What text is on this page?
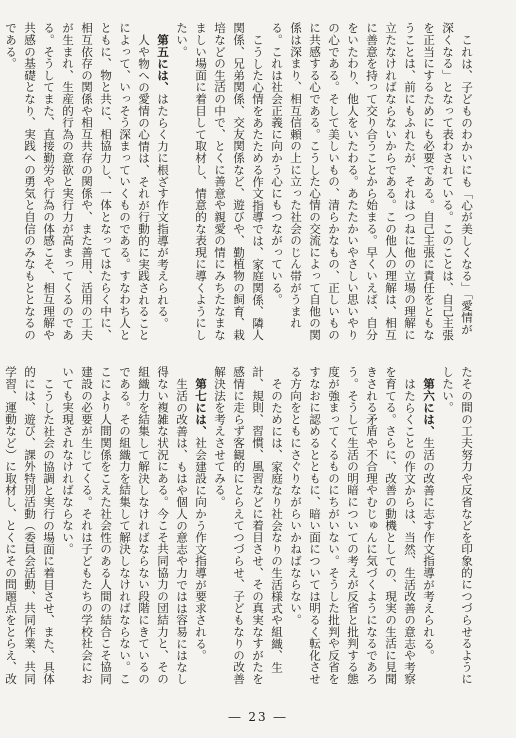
これは、子どものわかいにも「心が美しくなる」「愛情が深くなる」となって表わされている。このことは、自己主張を正当にするためにも必要である。自己主張に責任をともなうことは、前にもふれたが、それはつねに他の立場の理解に立たなければならないからである。この他人の理解は、相互に善意を持って交り合うことから始まる。早くいえば、自分をいたわり、他人をいたわる。あたたかいやさしい思いやりの心である。そして美しいもの、清らかなもの、正しいものに共感する心である。こうした心情の交流によって自他の関係は深まり、相互信頼の上に立った社会のじん帯がうまれる。これは社会正義に向かう心にもつながっている。

こうした心情をあたためる作文指導では、家庭関係、隣人関係、兄弟関係、交友関係など、遊びや、勤植物の飼育、栽培などの生活の中で、とくに善意や親愛の情にみちたなまなましい場面に着目して取材し、情意的な表現に導くようにしたい。

第五には、はたらく力に根ざす作文指導が考えられる。

人や物への愛情の心情は、それが行動的に実践されることによって、いっそう深まっていくものである。すなわち人とともに、物と共に、相協力し、一体となってはたらく中に、相互依存の関係や相互共存の関係や、また善用、活用の工夫が生まれ、生産的行為の意欲と実行力が高まってくるのである。そうしてまた、直接勤労や行為の体感こそ、相互理解や共感の基礎となり、実践への勇気と自信のみなもととなるのである。

たその間の工夫努力や反省などを印象的につづらせるようにしたい。

第六には、生活の改善に志す作文指導が考えられる。

はたらくことの作文からは、当然、生活改善の意志や考察を育てる。さらに、改善の動機としての、現実の生活に見聞きされる矛盾や不合理やむじゅんに気づくようになるであろう。そうして生活の明暗についての考えが反省と批判する態度が強まってくるものにちがいない。そうした批判や反省をすなおに認めるとともに、暗い面については明るく転化させる方向をともにさぐりながらいかねばならない。

そのためには、家庭なり社会なりの生活様式や組織、生計、規則、習慣、風習などに着目させ、その真実なすがたを感情に走らず客観的にとらえてつづらせ、子どもなりの改善解決法を考えさせてみる。

第七には、社会建設に向かう作文指導が要求される。

生活の改善は、もはや個人の意志や力ではは容易にはなし得ない複雑な状況にある。今こそ共同協力の団結力と、その組織力を結集して解決しなければならない段階にきているのである。その組織力を結集して解決しなければならない。ここにより人間関係をこえた社会性のある人間の結合こそ協同建設の必要が生じてくる。それは子どもたちの学校社会においても実現されなければならない。

こうした社会の協調と実行の場面に着目させ、また、具体的には、遊び、課外特別活動（委員会活動、共同作業、共同学習、運動など）に取材し、とくにその問題点をとらえ、改

― 23 ―
